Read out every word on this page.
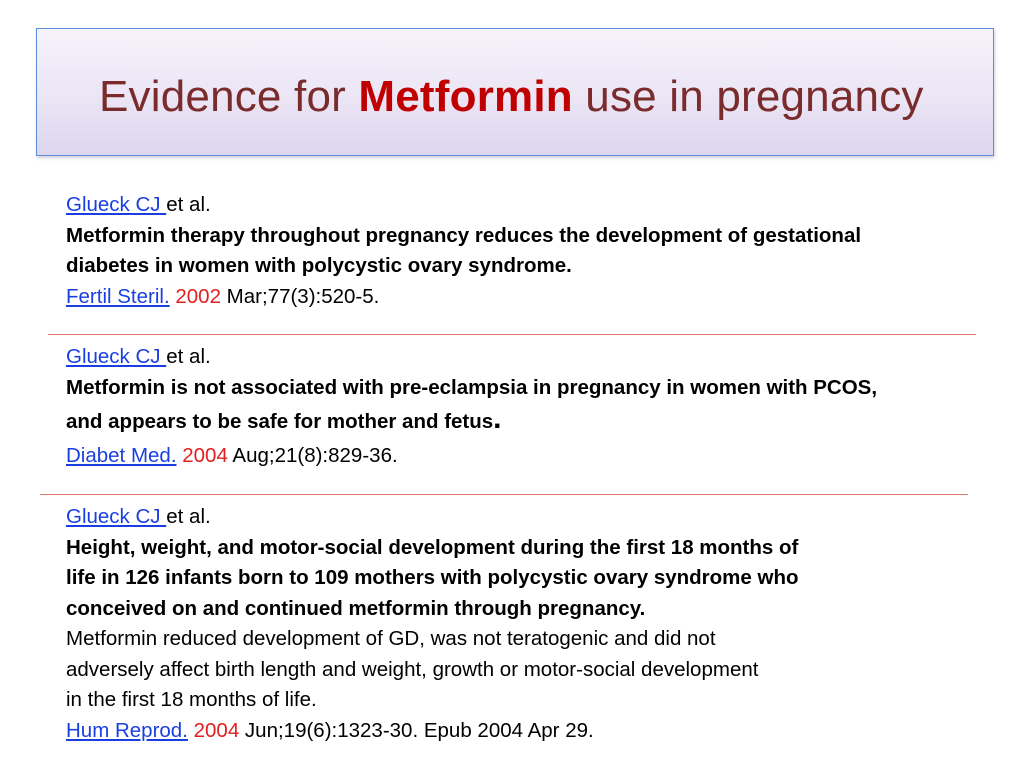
Evidence for Metformin use in pregnancy
Glueck CJ et al.
Metformin therapy throughout pregnancy reduces the development of gestational
diabetes in women with polycystic ovary syndrome.
Fertil Steril. 2002 Mar;77(3):520-5.
Glueck CJ et al.
Metformin is not associated with pre-eclampsia in pregnancy in women with PCOS,
and appears to be safe for mother and fetus.
Diabet Med. 2004 Aug;21(8):829-36.
Glueck CJ et al.
Height, weight, and motor-social development during the first 18 months of
life in 126 infants born to 109 mothers with polycystic ovary syndrome who
conceived on and continued metformin through pregnancy.
Metformin reduced development of GD, was not teratogenic and did not
adversely affect birth length and weight, growth or motor-social development
in the first 18 months of life.
Hum Reprod. 2004 Jun;19(6):1323-30. Epub 2004 Apr 29.
